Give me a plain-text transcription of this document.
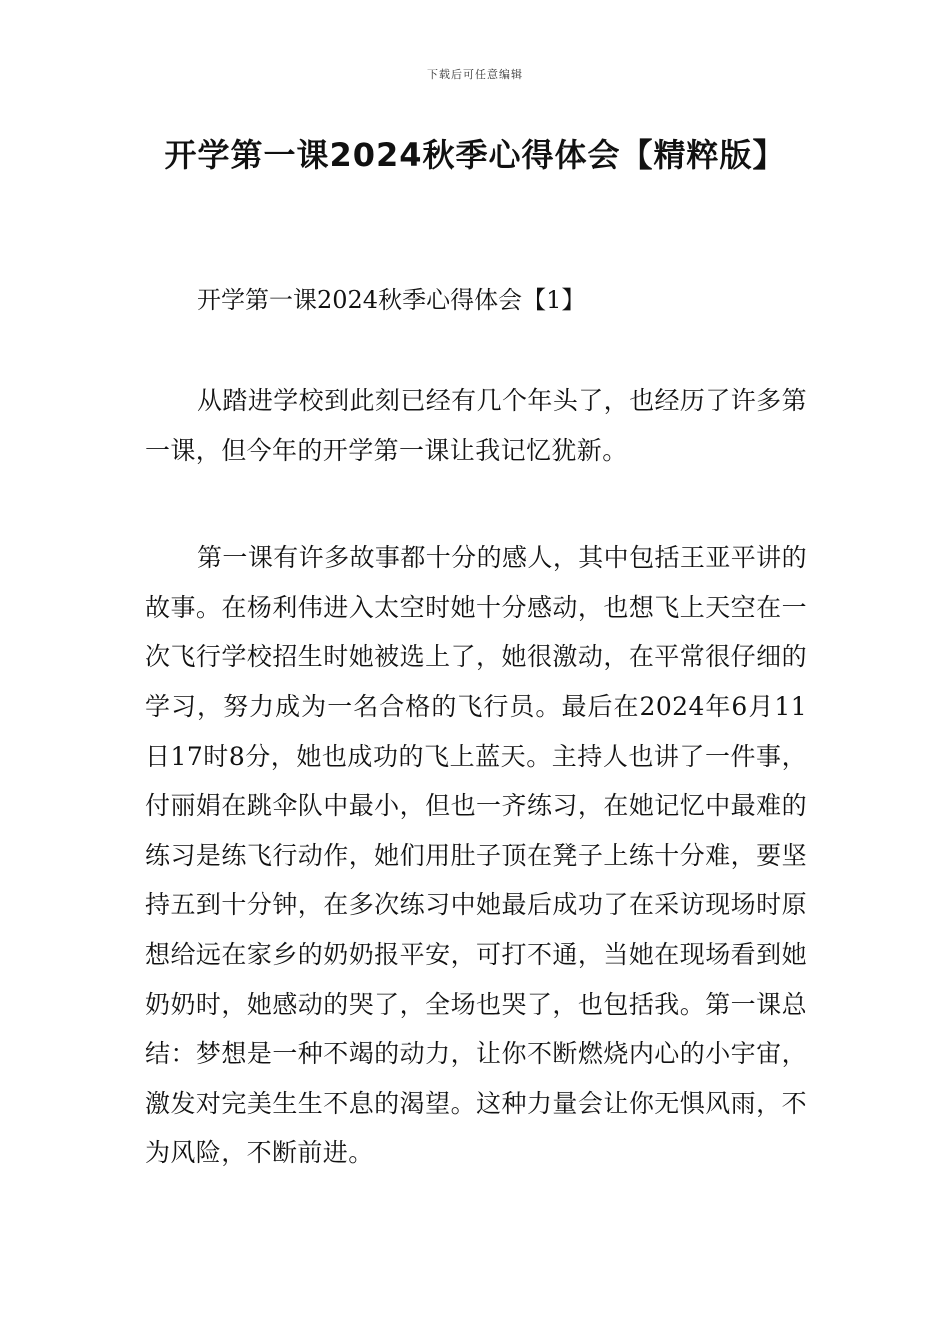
下载后可任意编辑
开学第一课2024秋季心得体会【精粹版】

开学第一课2024秋季心得体会【1】

从踏进学校到此刻已经有几个年头了，也经历了许多第一课，但今年的开学第一课让我记忆犹新。

第一课有许多故事都十分的感人，其中包括王亚平讲的故事。在杨利伟进入太空时她十分感动，也想飞上天空在一次飞行学校招生时她被选上了，她很激动，在平常很仔细的学习，努力成为一名合格的飞行员。最后在2024年6月11日17时8分，她也成功的飞上蓝天。主持人也讲了一件事，付丽娟在跳伞队中最小，但也一齐练习，在她记忆中最难的练习是练飞行动作，她们用肚子顶在凳子上练十分难，要坚持五到十分钟，在多次练习中她最后成功了在采访现场时原想给远在家乡的奶奶报平安，可打不通，当她在现场看到她奶奶时，她感动的哭了，全场也哭了，也包括我。第一课总结：梦想是一种不竭的动力，让你不断燃烧内心的小宇宙，激发对完美生生不息的渴望。这种力量会让你无惧风雨，不为风险，不断前进。
